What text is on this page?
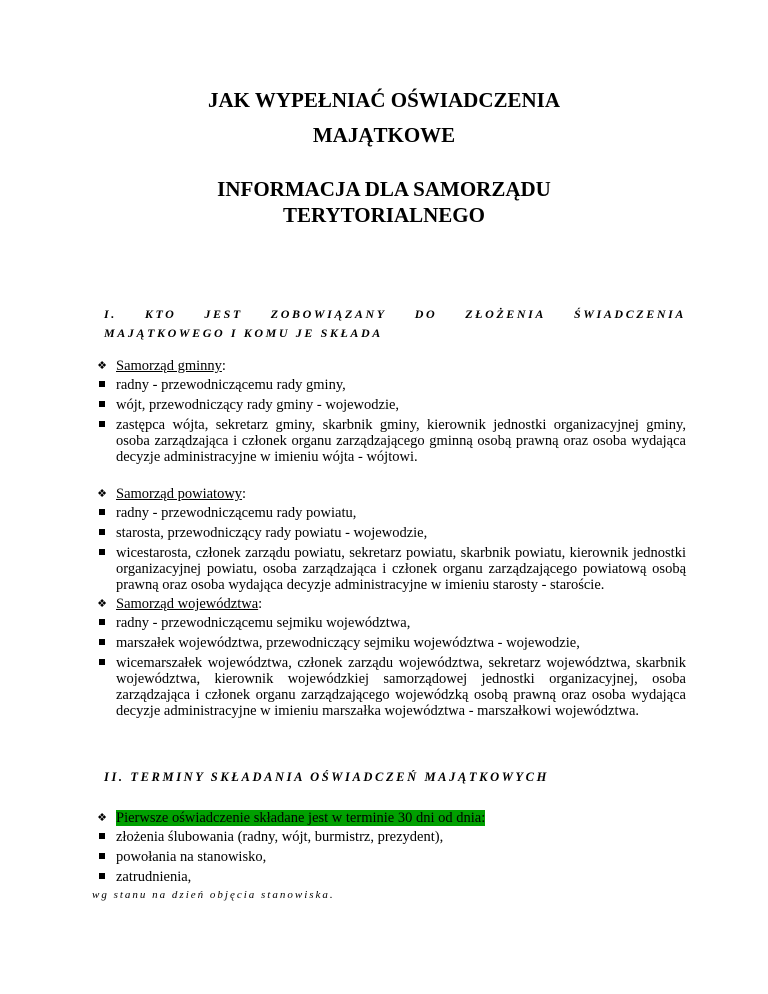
JAK WYPEŁNIAĆ OŚWIADCZENIA
MAJĄTKOWE
INFORMACJA DLA SAMORZĄDU
TERYTORIALNEGO
I. KTO JEST ZOBOWIĄZANY DO ZŁOŻENIA ŚWIADCZENIA
MAJĄTKOWEGO I KOMU JE SKŁADA
❖ Samorząd gminny:
radny - przewodniczącemu rady gminy,
wójt, przewodniczący rady gminy - wojewodzie,
zastępca wójta, sekretarz gminy, skarbnik gminy, kierownik jednostki organizacyjnej gminy, osoba zarządzająca i członek organu zarządzającego gminną osobą prawną oraz osoba wydająca decyzje administracyjne w imieniu wójta - wójtowi.
❖ Samorząd powiatowy:
radny - przewodniczącemu rady powiatu,
starosta, przewodniczący rady powiatu - wojewodzie,
wicestarosta, członek zarządu powiatu, sekretarz powiatu, skarbnik powiatu, kierownik jednostki organizacyjnej powiatu, osoba zarządzająca i członek organu zarządzającego powiatową osobą prawną oraz osoba wydająca decyzje administracyjne w imieniu starosty - staroście.
❖ Samorząd województwa:
radny - przewodniczącemu sejmiku województwa,
marszałek województwa, przewodniczący sejmiku województwa - wojewodzie,
wicemarszałek województwa, członek zarządu województwa, sekretarz województwa, skarbnik województwa, kierownik wojewódzkiej samorządowej jednostki organizacyjnej, osoba zarządzająca i członek organu zarządzającego wojewódzką osobą prawną oraz osoba wydająca decyzje administracyjne w imieniu marszałka województwa - marszałkowi województwa.
II. TERMINY SKŁADANIA OŚWIADCZEŃ MAJĄTKOWYCH
❖ Pierwsze oświadczenie składane jest w terminie 30 dni od dnia:
złożenia ślubowania (radny, wójt, burmistrz, prezydent),
powołania na stanowisko,
zatrudnienia,

wg stanu na dzień objęcia stanowiska.
